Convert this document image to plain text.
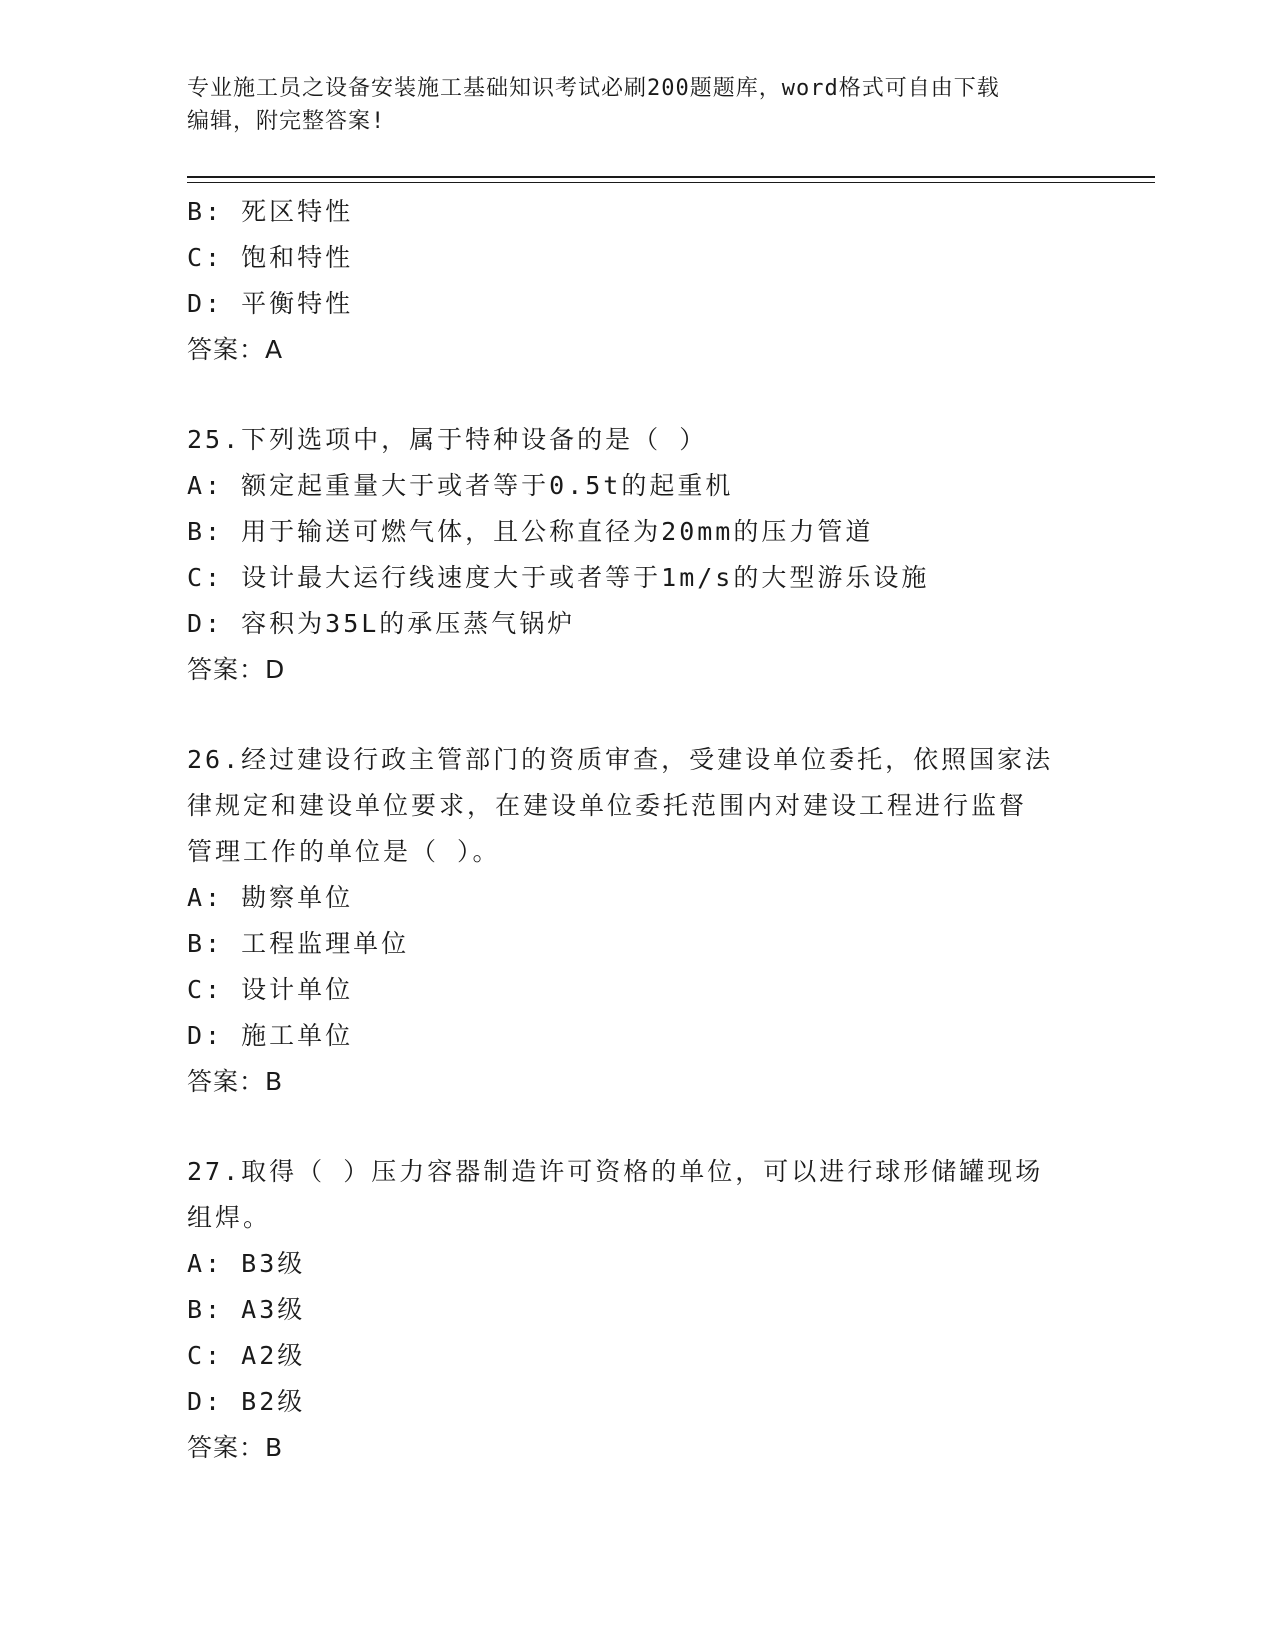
专业施工员之设备安装施工基础知识考试必刷200题题库，word格式可自由下载
编辑，附完整答案!
B: 死区特性
C: 饱和特性
D: 平衡特性
答案：A
25.下列选项中，属于特种设备的是（ ）
A: 额定起重量大于或者等于0.5t的起重机
B: 用于输送可燃气体，且公称直径为20mm的压力管道
C: 设计最大运行线速度大于或者等于1m/s的大型游乐设施
D: 容积为35L的承压蒸气锅炉
答案：D
26.经过建设行政主管部门的资质审查，受建设单位委托，依照国家法
律规定和建设单位要求，在建设单位委托范围内对建设工程进行监督
管理工作的单位是（ ）。
A: 勘察单位
B: 工程监理单位
C: 设计单位
D: 施工单位
答案：B
27.取得（ ）压力容器制造许可资格的单位，可以进行球形储罐现场
组焊。
A: B3级
B: A3级
C: A2级
D: B2级
答案：B
